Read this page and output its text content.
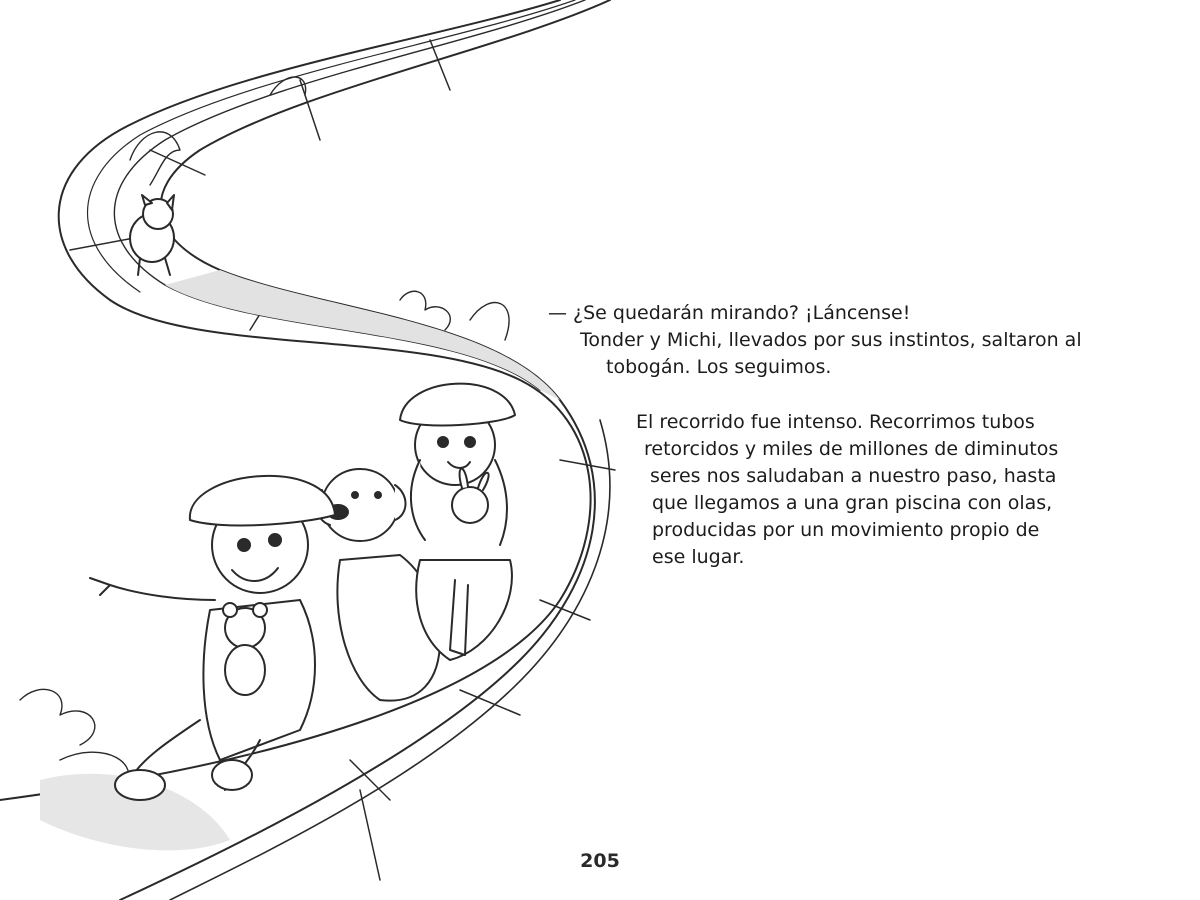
— ¿Se quedarán mirando? ¡Láncense!

Tonder y Michi, llevados por sus instintos, saltaron al

tobogán. Los seguimos.

El recorrido fue intenso. Recorrimos tubos

retorcidos y miles de millones de diminutos

seres nos saludaban a nuestro paso, hasta

que llegamos a una gran piscina con olas,

producidas por un movimiento propio de

ese lugar.

205
